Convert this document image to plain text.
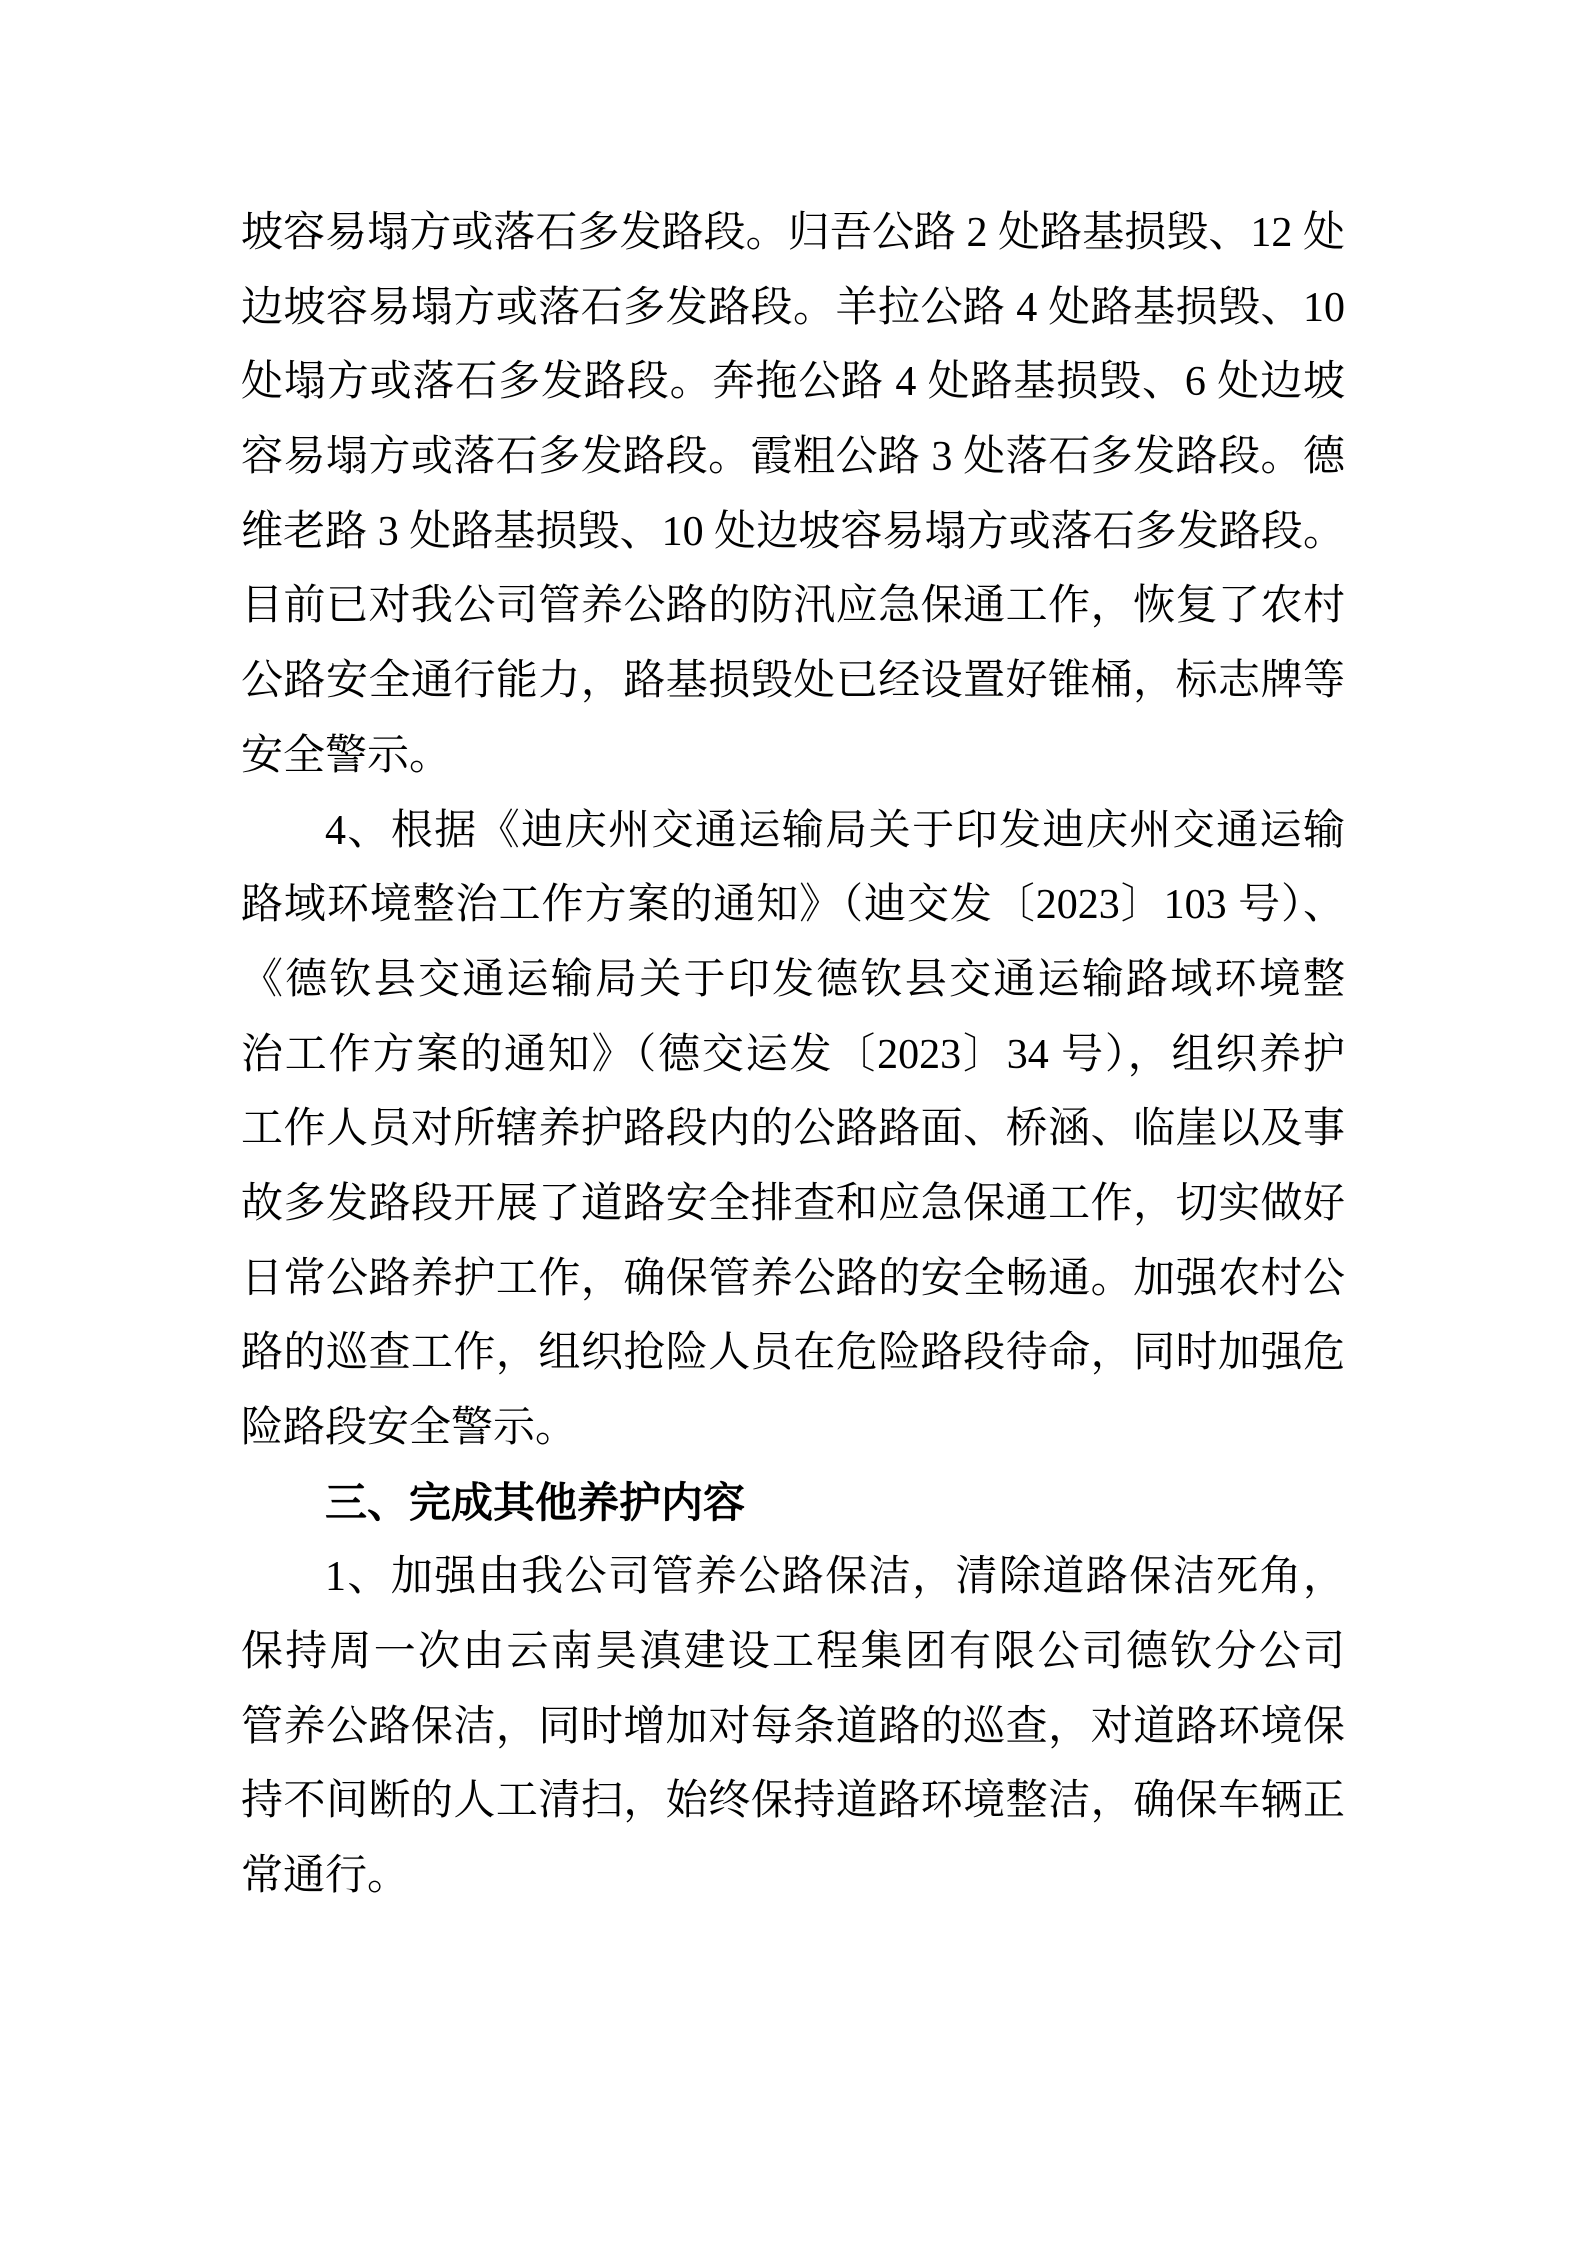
坡容易塌方或落石多发路段。归吾公路 2 处路基损毁、12 处
边坡容易塌方或落石多发路段。羊拉公路 4 处路基损毁、10
处塌方或落石多发路段。奔拖公路 4 处路基损毁、6 处边坡
容易塌方或落石多发路段。霞粗公路 3 处落石多发路段。德
维老路 3 处路基损毁、10 处边坡容易塌方或落石多发路段。
目前已对我公司管养公路的防汛应急保通工作，恢复了农村
公路安全通行能力，路基损毁处已经设置好锥桶，标志牌等
安全警示。
4、根据《迪庆州交通运输局关于印发迪庆州交通运输
路域环境整治工作方案的通知》（迪交发〔2023〕103 号）、
《德钦县交通运输局关于印发德钦县交通运输路域环境整
治工作方案的通知》（德交运发〔2023〕34 号），组织养护
工作人员对所辖养护路段内的公路路面、桥涵、临崖以及事
故多发路段开展了道路安全排查和应急保通工作，切实做好
日常公路养护工作，确保管养公路的安全畅通。加强农村公
路的巡查工作，组织抢险人员在危险路段待命，同时加强危
险路段安全警示。
三、完成其他养护内容
1、加强由我公司管养公路保洁，清除道路保洁死角，
保持周一次由云南昊滇建设工程集团有限公司德钦分公司
管养公路保洁，同时增加对每条道路的巡查，对道路环境保
持不间断的人工清扫，始终保持道路环境整洁，确保车辆正
常通行。
